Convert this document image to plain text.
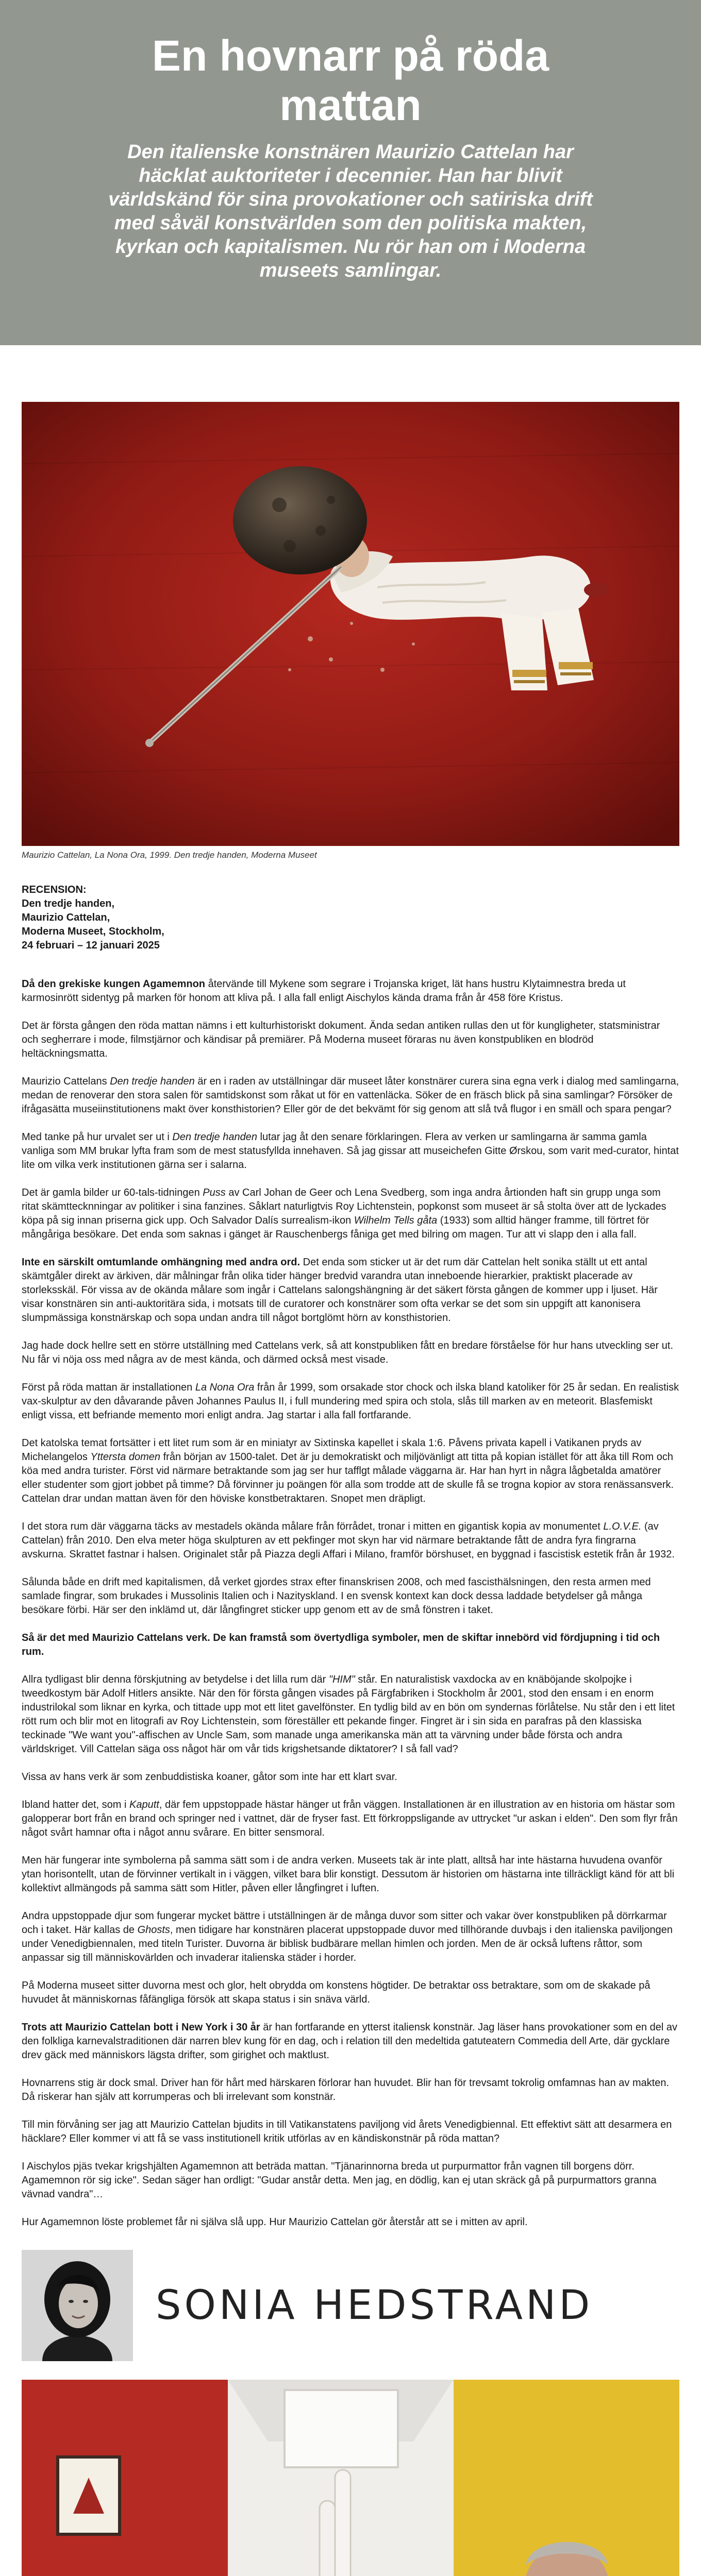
En hovnarr på röda mattan

Den italienske konstnären Maurizio Cattelan har häcklat auktoriteter i decennier. Han har blivit världskänd för sina provokationer och satiriska drift med såväl konstvärlden som den politiska makten, kyrkan och kapitalismen. Nu rör han om i Moderna museets samlingar.

Maurizio Cattelan, La Nona Ora, 1999. Den tredje handen, Moderna Museet
RECENSION:
Den tredje handen,
Maurizio Cattelan,
Moderna Museet, Stockholm,
24 februari – 12 januari 2025

Då den grekiske kungen Agamemnon återvände till Mykene som segrare i Trojanska kriget, lät hans hustru Klytaimnestra breda ut karmosinrött sidentyg på marken för honom att kliva på. I alla fall enligt Aischylos kända drama från år 458 före Kristus.

Det är första gången den röda mattan nämns i ett kulturhistoriskt dokument. Ända sedan antiken rullas den ut för kungligheter, statsministrar och segherrare i mode, filmstjärnor och kändisar på premiärer. På Moderna museet föraras nu även konstpubliken en blodröd heltäckningsmatta.

Maurizio Cattelans Den tredje handen är en i raden av utställningar där museet låter konstnärer curera sina egna verk i dialog med samlingarna, medan de renoverar den stora salen för samtidskonst som råkat ut för en vattenläcka. Söker de en fräsch blick på sina samlingar? Försöker de ifrågasätta museiinstitutionens makt över konsthistorien? Eller gör de det bekvämt för sig genom att slå två flugor i en smäll och spara pengar?

Med tanke på hur urvalet ser ut i Den tredje handen lutar jag åt den senare förklaringen. Flera av verken ur samlingarna är samma gamla vanliga som MM brukar lyfta fram som de mest statusfyllda innehaven. Så jag gissar att museichefen Gitte Ørskou, som varit med-curator, hintat lite om vilka verk institutionen gärna ser i salarna.

Det är gamla bilder ur 60-tals-tidningen Puss av Carl Johan de Geer och Lena Svedberg, som inga andra årtionden haft sin grupp unga som ritat skämttecknningar av politiker i sina fanzines. Såklart naturligtvis Roy Lichtenstein, popkonst som museet är så stolta över att de lyckades köpa på sig innan priserna gick upp. Och Salvador Dalís surrealism-ikon Wilhelm Tells gåta (1933) som alltid hänger framme, till förtret för mångåriga besökare. Det enda som saknas i gänget är Rauschenbergs fåniga get med bilring om magen. Tur att vi slapp den i alla fall.

Inte en särskilt omtumlande omhängning med andra ord. Det enda som sticker ut är det rum där Cattelan helt sonika ställt ut ett antal skämtgåler direkt av ärkiven, där målningar från olika tider hänger bredvid varandra utan inneboende hierarkier, praktiskt placerade av storleksskäl. För vissa av de okända målare som ingår i Cattelans salongshängning är det säkert första gången de kommer upp i ljuset. Här visar konstnären sin anti-auktoritära sida, i motsats till de curatorer och konstnärer som ofta verkar se det som sin uppgift att kanonisera slumpmässiga konstnärskap och sopa undan andra till något bortglömt hörn av konsthistorien.

Jag hade dock hellre sett en större utställning med Cattelans verk, så att konstpubliken fått en bredare förståelse för hur hans utveckling ser ut. Nu får vi nöja oss med några av de mest kända, och därmed också mest visade.

Först på röda mattan är installationen La Nona Ora från år 1999, som orsakade stor chock och ilska bland katoliker för 25 år sedan. En realistisk vax-skulptur av den dåvarande påven Johannes Paulus II, i full mundering med spira och stola, slås till marken av en meteorit. Blasfemiskt enligt vissa, ett befriande memento mori enligt andra. Jag startar i alla fall fortfarande.

Det katolska temat fortsätter i ett litet rum som är en miniatyr av Sixtinska kapellet i skala 1:6. Påvens privata kapell i Vatikanen pryds av Michelangelos Yttersta domen från början av 1500-talet. Det är ju demokratiskt och miljövänligt att titta på kopian istället för att åka till Rom och köa med andra turister. Först vid närmare betraktande som jag ser hur tafflgt målade väggarna är. Har han hyrt in några lågbetalda amatörer eller studenter som gjort jobbet på timme? Då förvinner ju poängen för alla som trodde att de skulle få se trogna kopior av stora renässansverk. Cattelan drar undan mattan även för den höviske konstbetraktaren. Snopet men dräpligt.

I det stora rum där väggarna täcks av mestadels okända målare från förrådet, tronar i mitten en gigantisk kopia av monumentet L.O.V.E. (av Cattelan) från 2010. Den elva meter höga skulpturen av ett pekfinger mot skyn har vid närmare betraktande fått de andra fyra fingrarna avskurna. Skrattet fastnar i halsen. Originalet står på Piazza degli Affari i Milano, framför börshuset, en byggnad i fascistisk estetik från år 1932.

Sålunda både en drift med kapitalismen, då verket gjordes strax efter finanskrisen 2008, och med fascisthälsningen, den resta armen med samlade fingrar, som brukades i Mussolinis Italien och i Nazityskland. I en svensk kontext kan dock dessa laddade betydelser gå många besökare förbi. Här ser den inklämd ut, där långfingret sticker upp genom ett av de små fönstren i taket.

Så är det med Maurizio Cattelans verk. De kan framstå som övertydliga symboler, men de skiftar innebörd vid fördjupning i tid och rum.

Allra tydligast blir denna förskjutning av betydelse i det lilla rum där "HIM" står. En naturalistisk vaxdocka av en knäböjande skolpojke i tweedkostym bär Adolf Hitlers ansikte. När den för första gången visades på Färgfabriken i Stockholm år 2001, stod den ensam i en enorm industrilokal som liknar en kyrka, och tittade upp mot ett litet gavelfönster. En tydlig bild av en bön om syndernas förlåtelse. Nu står den i ett litet rött rum och blir mot en litografi av Roy Lichtenstein, som föreställer ett pekande finger. Fingret är i sin sida en parafras på den klassiska teckinade "We want you"-affischen av Uncle Sam, som manade unga amerikanska män att ta värvning under både första och andra världskriget. Vill Cattelan säga oss något här om vår tids krigshetsande diktatorer? I så fall vad?

Vissa av hans verk är som zenbuddistiska koaner, gåtor som inte har ett klart svar.

Ibland hatter det, som i Kaputt, där fem uppstoppade hästar hänger ut från väggen. Installationen är en illustration av en historia om hästar som galopperar bort från en brand och springer ned i vattnet, där de fryser fast. Ett förkroppsligande av uttrycket "ur askan i elden". Den som flyr från något svårt hamnar ofta i något annu svårare. En bitter sensmoral.

Men här fungerar inte symbolerna på samma sätt som i de andra verken. Museets tak är inte platt, alltså har inte hästarna huvudena ovanför ytan horisontellt, utan de förvinner vertikalt in i väggen, vilket bara blir konstigt. Dessutom är historien om hästarna inte tillräckligt känd för att bli kollektivt allmängods på samma sätt som Hitler, påven eller långfingret i luften.

Andra uppstoppade djur som fungerar mycket bättre i utställningen är de många duvor som sitter och vakar över konstpubliken på dörrkarmar och i taket. Här kallas de Ghosts, men tidigare har konstnären placerat uppstoppade duvor med tillhörande duvbajs i den italienska paviljongen under Venedigbiennalen, med titeln Turister. Duvorna är biblisk budbärare mellan himlen och jorden. Men de är också luftens råttor, som anpassar sig till människovärlden och invaderar italienska städer i horder.

På Moderna museet sitter duvorna mest och glor, helt obrydda om konstens högtider. De betraktar oss betraktare, som om de skakade på huvudet åt människornas fåfängliga försök att skapa status i sin snäva värld.

Trots att Maurizio Cattelan bott i New York i 30 år är han fortfarande en ytterst italiensk konstnär. Jag läser hans provokationer som en del av den folkliga karnevalstraditionen där narren blev kung för en dag, och i relation till den medeltida gatuteatern Commedia dell Arte, där gycklare drev gäck med människors lägsta drifter, som girighet och maktlust.

Hovnarrens stig är dock smal. Driver han för hårt med härskaren förlorar han huvudet. Blir han för trevsamt tokrolig omfamnas han av makten. Då riskerar han själv att korrumperas och bli irrelevant som konstnär.

Till min förvåning ser jag att Maurizio Cattelan bjudits in till Vatikanstatens paviljong vid årets Venedigbiennal. Ett effektivt sätt att desarmera en häcklare? Eller kommer vi att få se vass institutionell kritik utförlas av en kändiskonstnär på röda mattan?

I Aischylos pjäs tvekar krigshjälten Agamemnon att beträda mattan. "Tjänarinnorna breda ut purpurmattor från vagnen till borgens dörr. Agamemnon rör sig icke". Sedan säger han ordligt: "Gudar anstår detta. Men jag, en dödlig, kan ej utan skräck gå på purpurmattors granna vävnad vandra"…

Hur Agamemnon löste problemet får ni själva slå upp. Hur Maurizio Cattelan gör återstår att se i mitten av april.

SONIA HEDSTRAND
